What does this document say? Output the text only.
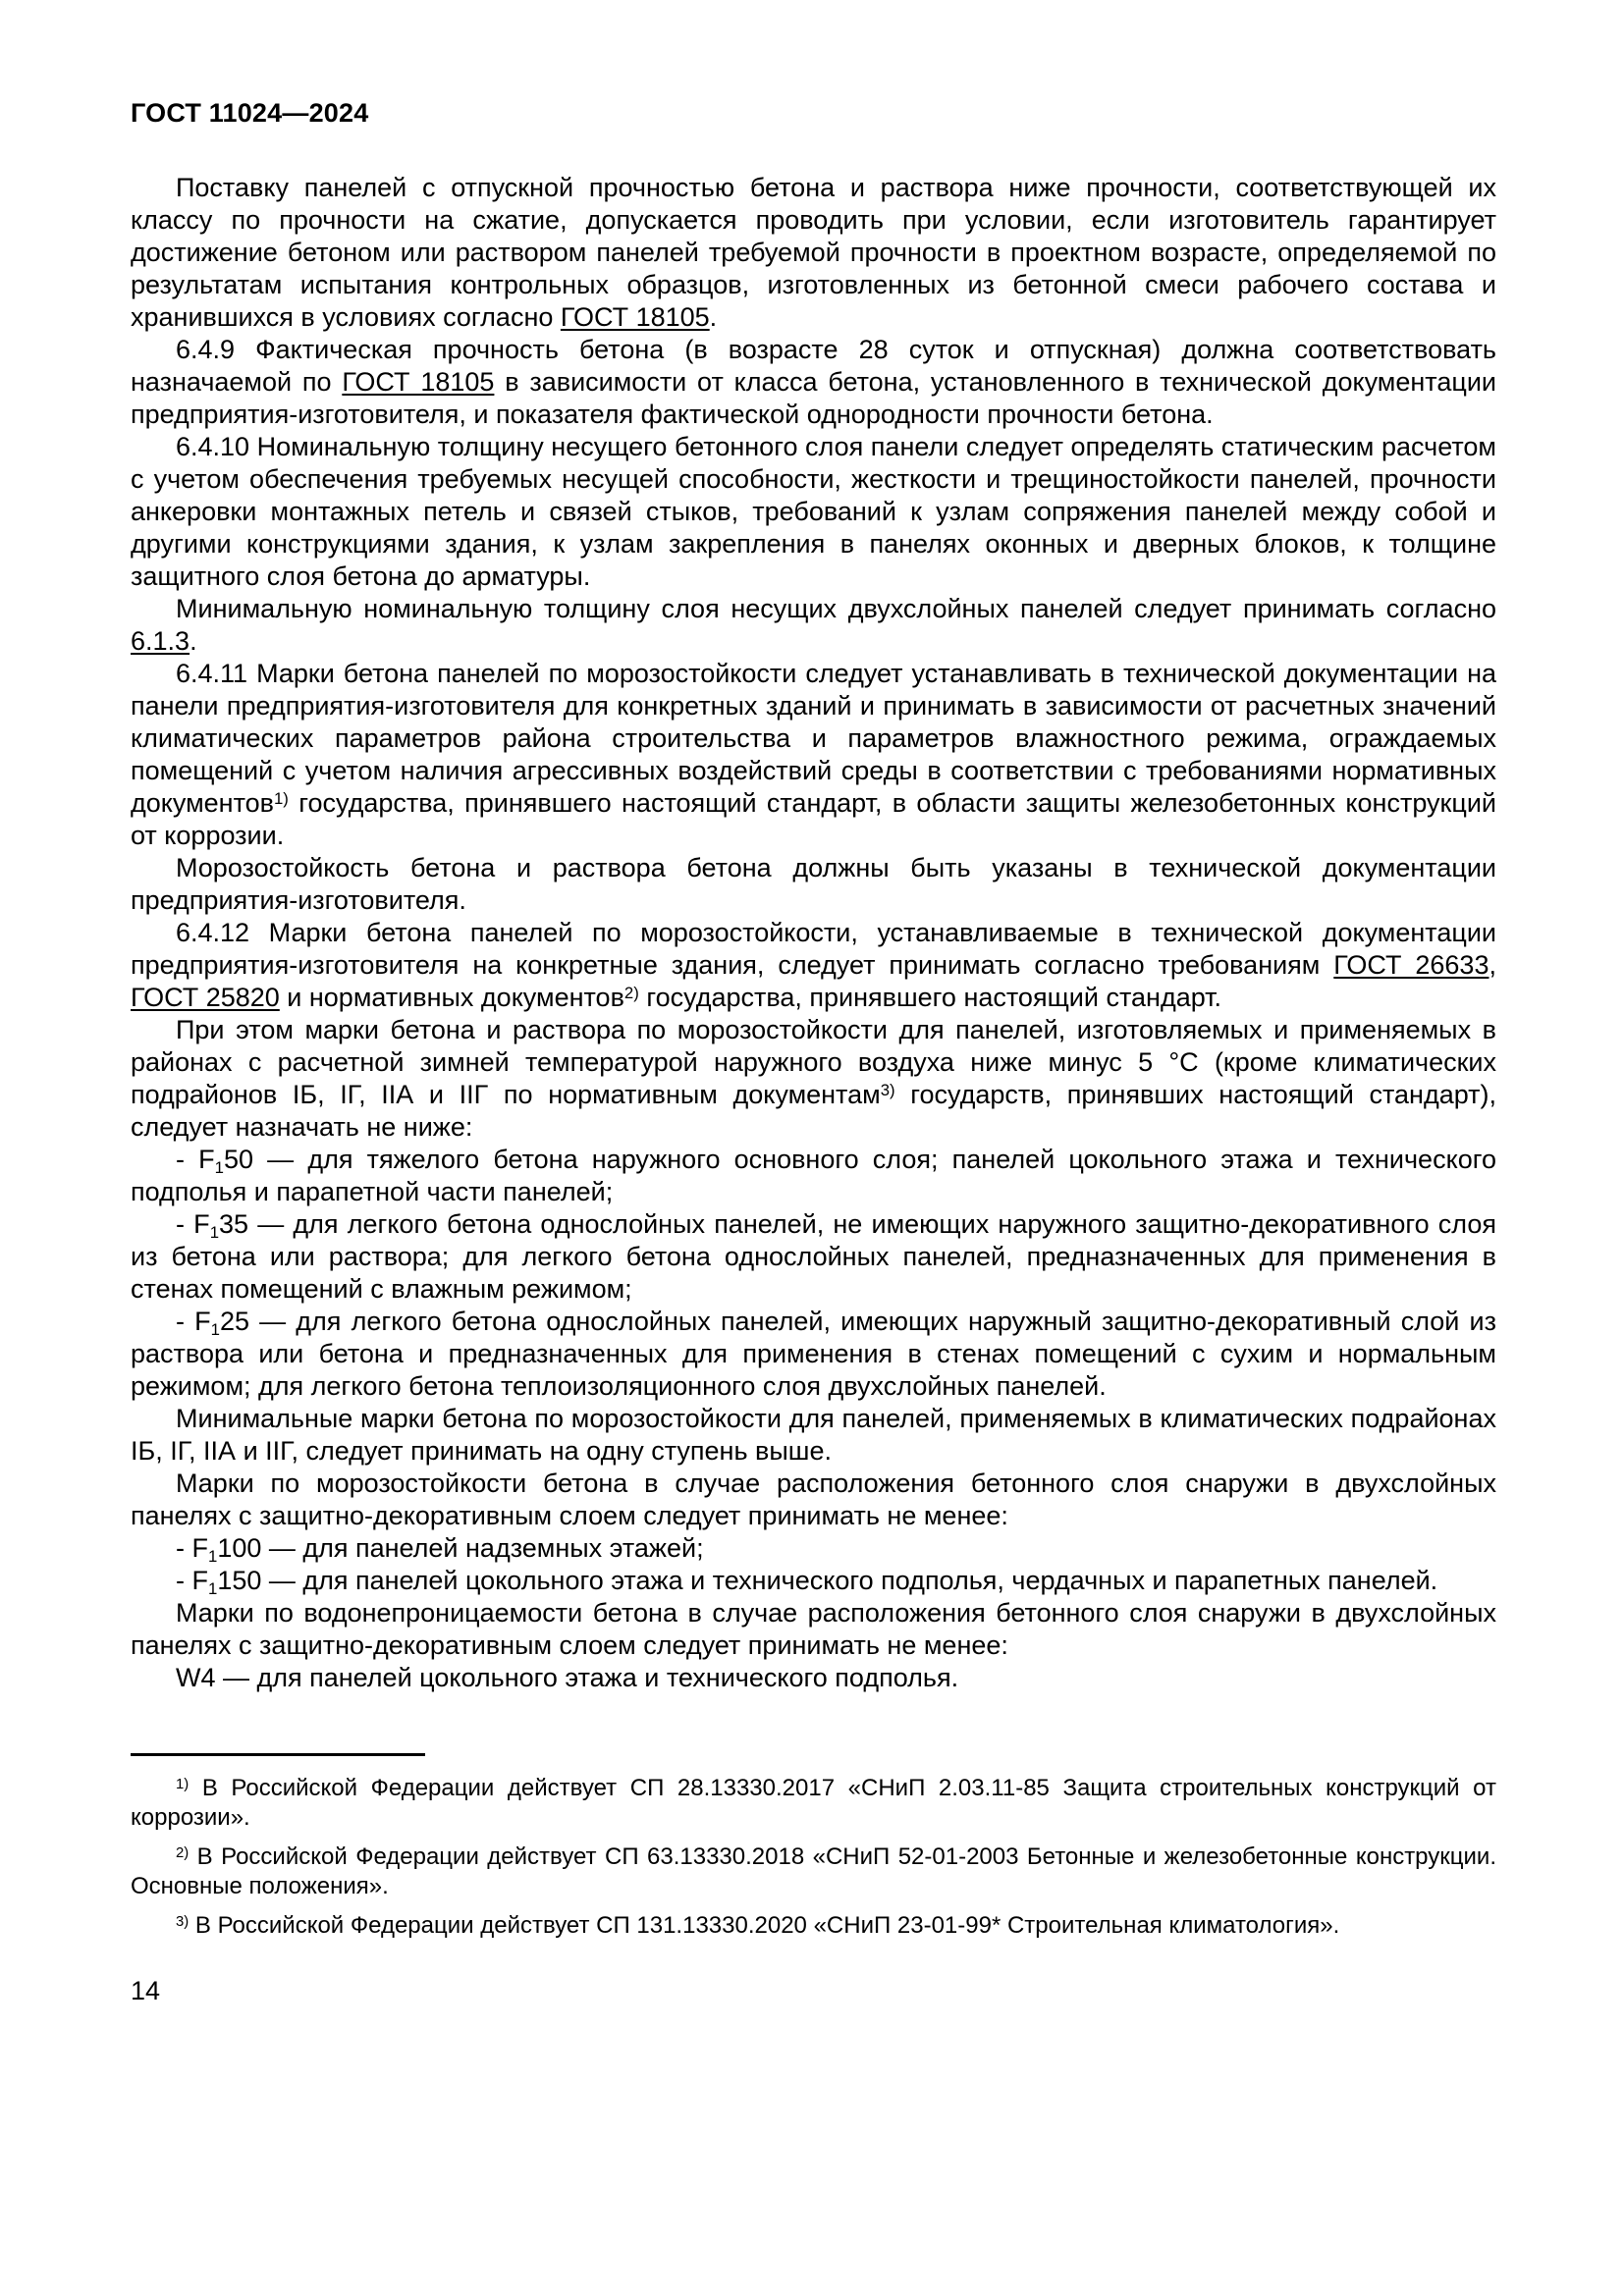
ГОСТ 11024—2024

Поставку панелей с отпускной прочностью бетона и раствора ниже прочности, соответствующей их классу по прочности на сжатие, допускается проводить при условии, если изготовитель гарантирует достижение бетоном или раствором панелей требуемой прочности в проектном возрасте, определяемой по результатам испытания контрольных образцов, изготовленных из бетонной смеси рабочего состава и хранившихся в условиях согласно ГОСТ 18105.

6.4.9 Фактическая прочность бетона (в возрасте 28 суток и отпускная) должна соответствовать назначаемой по ГОСТ 18105 в зависимости от класса бетона, установленного в технической документации предприятия-изготовителя, и показателя фактической однородности прочности бетона.

6.4.10 Номинальную толщину несущего бетонного слоя панели следует определять статическим расчетом с учетом обеспечения требуемых несущей способности, жесткости и трещиностойкости панелей, прочности анкеровки монтажных петель и связей стыков, требований к узлам сопряжения панелей между собой и другими конструкциями здания, к узлам закрепления в панелях оконных и дверных блоков, к толщине защитного слоя бетона до арматуры.

Минимальную номинальную толщину слоя несущих двухслойных панелей следует принимать согласно 6.1.3.

6.4.11 Марки бетона панелей по морозостойкости следует устанавливать в технической документации на панели предприятия-изготовителя для конкретных зданий и принимать в зависимости от расчетных значений климатических параметров района строительства и параметров влажностного режима, ограждаемых помещений с учетом наличия агрессивных воздействий среды в соответствии с требованиями нормативных документов$^{1)}$ государства, принявшего настоящий стандарт, в области защиты железобетонных конструкций от коррозии.

Морозостойкость бетона и раствора бетона должны быть указаны в технической документации предприятия-изготовителя.

6.4.12 Марки бетона панелей по морозостойкости, устанавливаемые в технической документации предприятия-изготовителя на конкретные здания, следует принимать согласно требованиям ГОСТ 26633, ГОСТ 25820 и нормативных документов$^{2)}$ государства, принявшего настоящий стандарт.

При этом марки бетона и раствора по морозостойкости для панелей, изготовляемых и применяемых в районах с расчетной зимней температурой наружного воздуха ниже минус 5 °С (кроме климатических подрайонов IБ, IГ, IIА и IIГ по нормативным документам$^{3)}$ государств, принявших настоящий стандарт), следует назначать не ниже:

- F150 — для тяжелого бетона наружного основного слоя; панелей цокольного этажа и технического подполья и парапетной части панелей;

- F135 — для легкого бетона однослойных панелей, не имеющих наружного защитно-декоративного слоя из бетона или раствора; для легкого бетона однослойных панелей, предназначенных для применения в стенах помещений с влажным режимом;

- F125 — для легкого бетона однослойных панелей, имеющих наружный защитно-декоративный слой из раствора или бетона и предназначенных для применения в стенах помещений с сухим и нормальным режимом; для легкого бетона теплоизоляционного слоя двухслойных панелей.

Минимальные марки бетона по морозостойкости для панелей, применяемых в климатических подрайонах IБ, IГ, IIА и IIГ, следует принимать на одну ступень выше.

Марки по морозостойкости бетона в случае расположения бетонного слоя снаружи в двухслойных панелях с защитно-декоративным слоем следует принимать не менее:

- F1100 — для панелей надземных этажей;

- F1150 — для панелей цокольного этажа и технического подполья, чердачных и парапетных панелей.

Марки по водонепроницаемости бетона в случае расположения бетонного слоя снаружи в двухслойных панелях с защитно-декоративным слоем следует принимать не менее:

W4 — для панелей цокольного этажа и технического подполья.

$^{1)}$ В Российской Федерации действует СП 28.13330.2017 «СНиП 2.03.11-85 Защита строительных конструкций от коррозии».

$^{2)}$ В Российской Федерации действует СП 63.13330.2018 «СНиП 52-01-2003 Бетонные и железобетонные конструкции. Основные положения».

$^{3)}$ В Российской Федерации действует СП 131.13330.2020 «СНиП 23-01-99* Строительная климатология».

14
